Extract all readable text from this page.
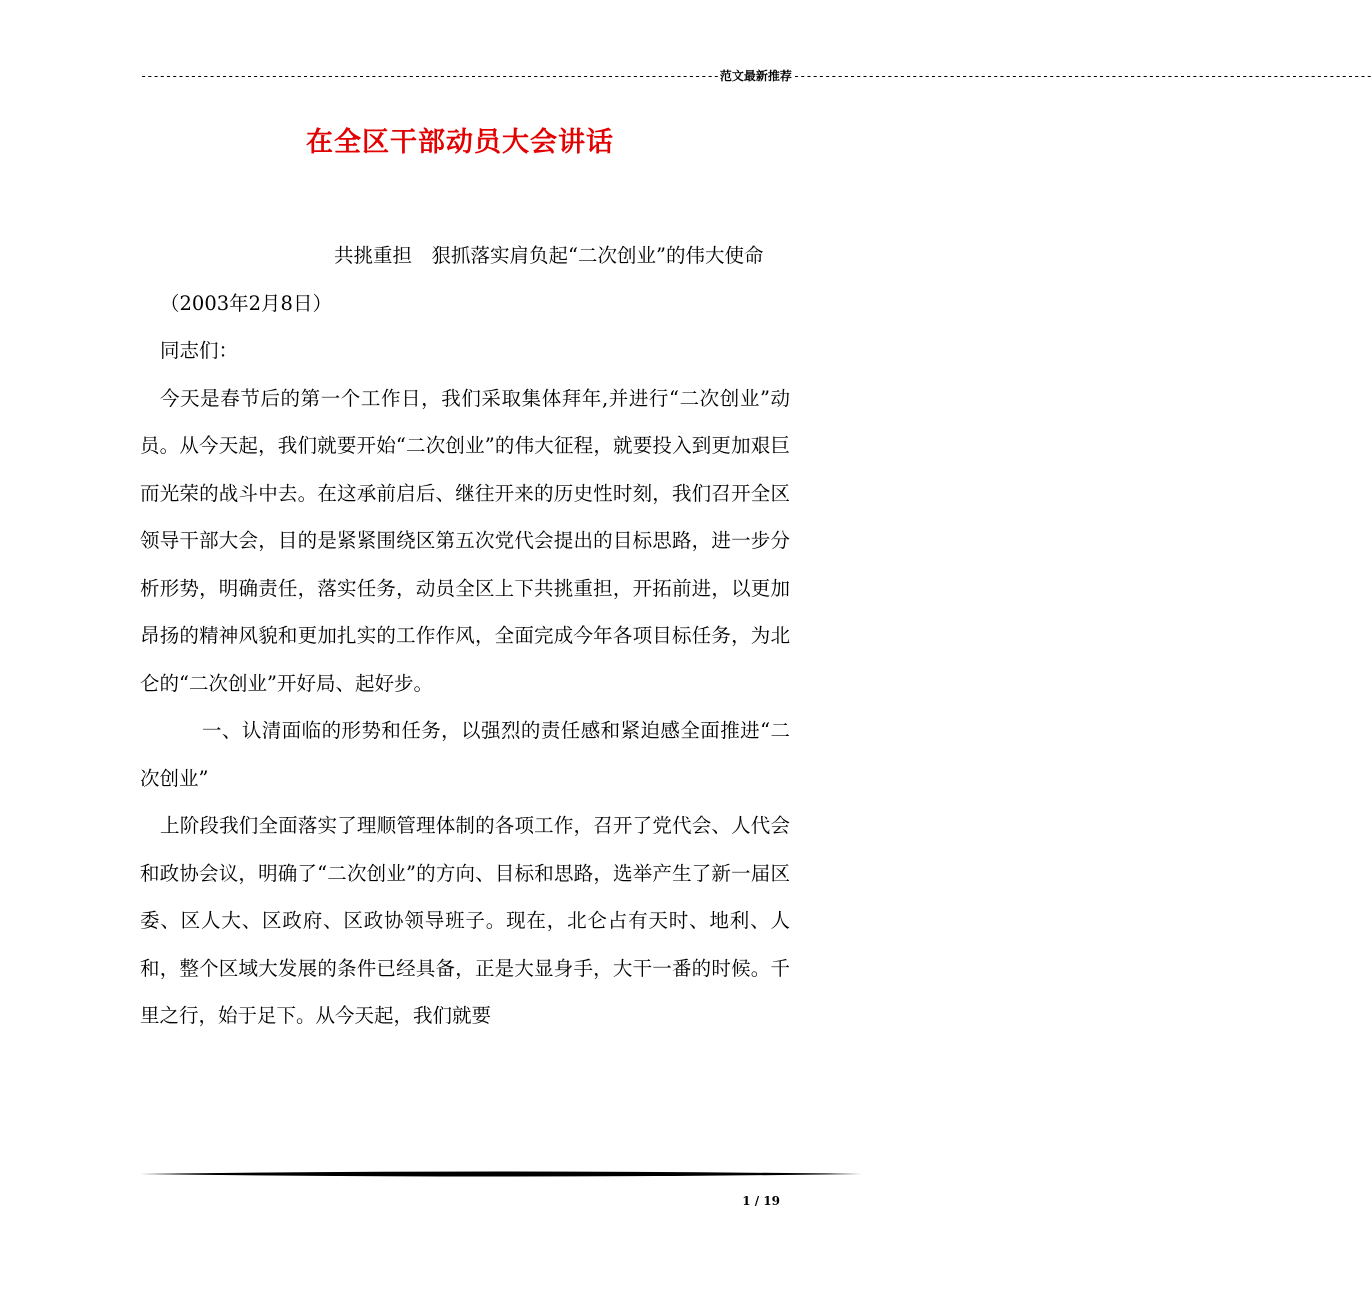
--------------------------------------------------------------------------------------------- 范文最新推荐 ---------------------------------------------------------------------------------------------
在全区干部动员大会讲话

共挑重担　狠抓落实肩负起“二次创业”的伟大使命

（2003年2月8日）

同志们：

今天是春节后的第一个工作日，我们采取集体拜年,并进行“二次创业”动员。从今天起，我们就要开始“二次创业”的伟大征程，就要投入到更加艰巨而光荣的战斗中去。在这承前启后、继往开来的历史性时刻，我们召开全区领导干部大会，目的是紧紧围绕区第五次党代会提出的目标思路，进一步分析形势，明确责任，落实任务，动员全区上下共挑重担，开拓前进，以更加昂扬的精神风貌和更加扎实的工作作风，全面完成今年各项目标任务，为北仑的“二次创业”开好局、起好步。

一、认清面临的形势和任务，以强烈的责任感和紧迫感全面推进“二次创业”

上阶段我们全面落实了理顺管理体制的各项工作，召开了党代会、人代会和政协会议，明确了“二次创业”的方向、目标和思路，选举产生了新一届区委、区人大、区政府、区政协领导班子。现在，北仑占有天时、地利、人和，整个区域大发展的条件已经具备，正是大显身手，大干一番的时候。千里之行，始于足下。从今天起，我们就要

1 / 19
